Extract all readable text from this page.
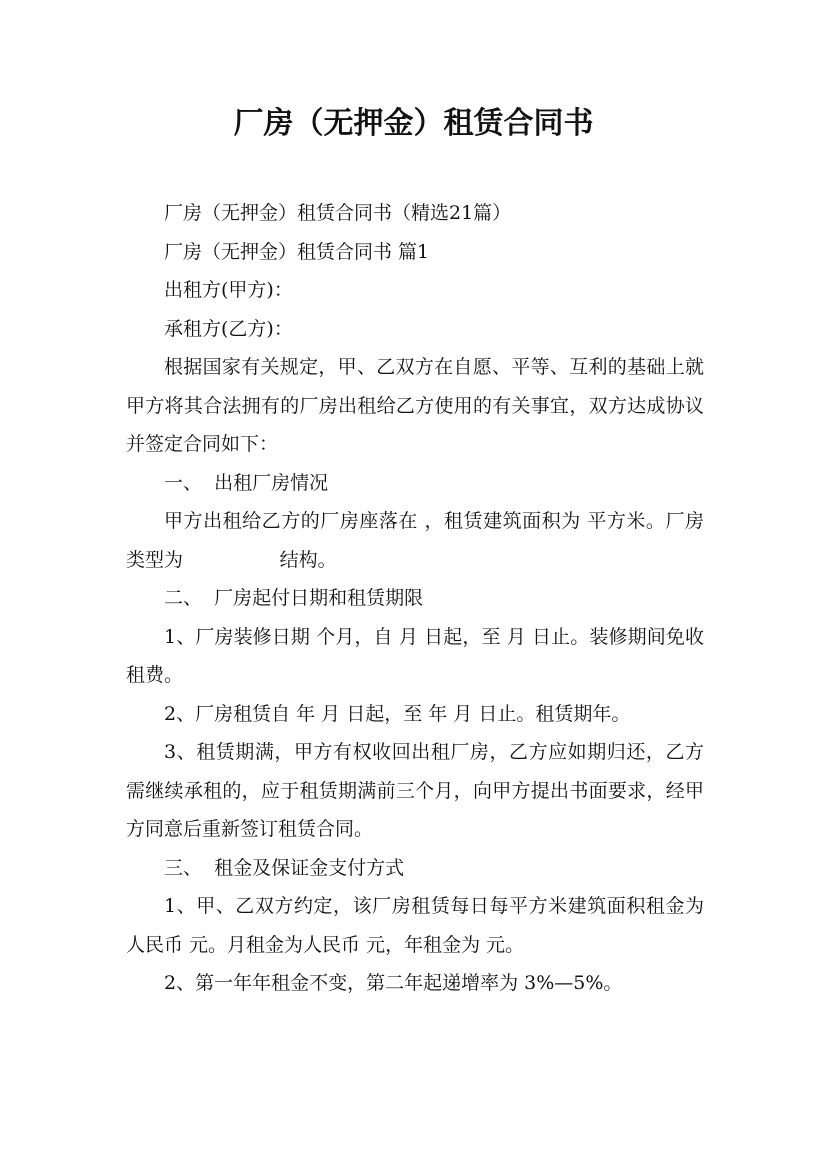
厂房（无押金）租赁合同书

厂房（无押金）租赁合同书（精选21篇）

厂房（无押金）租赁合同书 篇1

出租方(甲方)：

承租方(乙方)：

根据国家有关规定，甲、乙双方在自愿、平等、互利的基础上就甲方将其合法拥有的厂房出租给乙方使用的有关事宜，双方达成协议并签定合同如下：

一、  出租厂房情况

甲方出租给乙方的厂房座落在 ，租赁建筑面积为 平方米。厂房类型为                结构。

二、  厂房起付日期和租赁期限

1、厂房装修日期 个月，自 月 日起，至 月 日止。装修期间免收租费。

2、厂房租赁自 年 月 日起，至 年 月 日止。租赁期年。

3、租赁期满，甲方有权收回出租厂房，乙方应如期归还，乙方需继续承租的，应于租赁期满前三个月，向甲方提出书面要求，经甲方同意后重新签订租赁合同。

三、  租金及保证金支付方式

1、甲、乙双方约定，该厂房租赁每日每平方米建筑面积租金为人民币 元。月租金为人民币 元，年租金为 元。

2、第一年年租金不变，第二年起递增率为 3%—5%。
